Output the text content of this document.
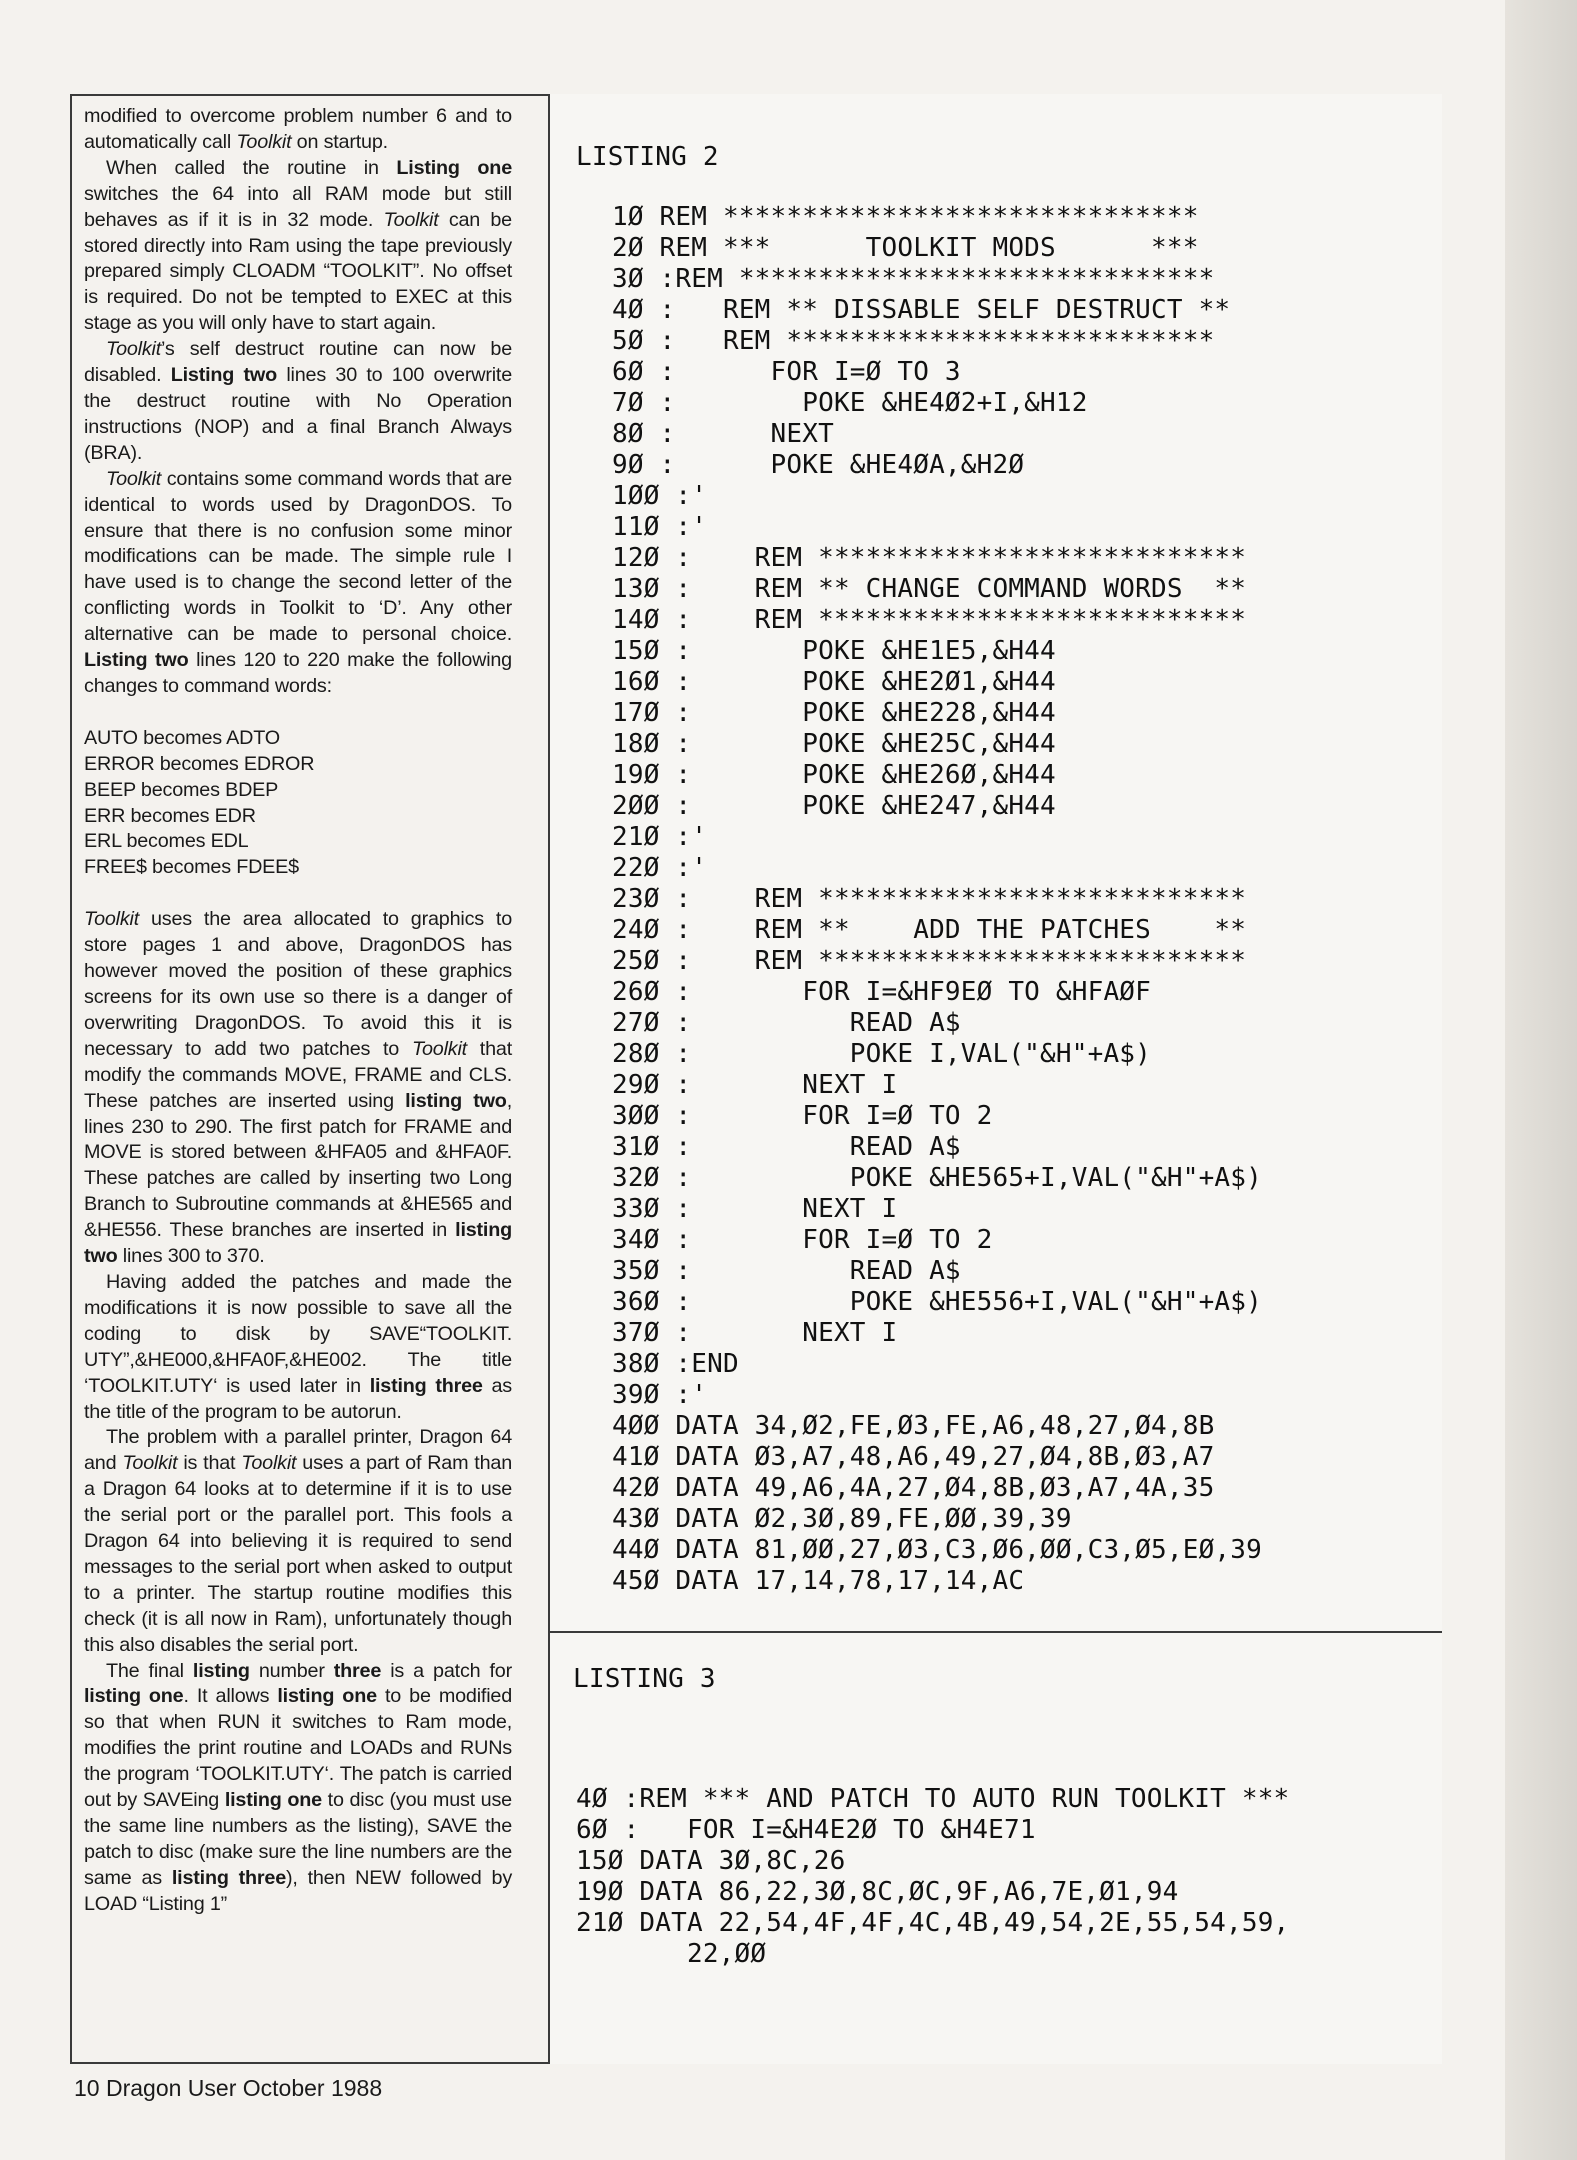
modified to overcome problem number 6 and to automatically call Toolkit on startup.

When called the routine in Listing one switches the 64 into all RAM mode but still behaves as if it is in 32 mode. Toolkit can be stored directly into Ram using the tape previously prepared simply CLOADM “TOOLKIT”. No offset is required. Do not be tempted to EXEC at this stage as you will only have to start again.

Toolkit’s self destruct routine can now be disabled. Listing two lines 30 to 100 overwrite the destruct routine with No Operation instructions (NOP) and a final Branch Always (BRA).

Toolkit contains some command words that are identical to words used by DragonDOS. To ensure that there is no confusion some minor modifications can be made. The simple rule I have used is to change the second letter of the conflicting words in Toolkit to ‘D’. Any other alternative can be made to personal choice. Listing two lines 120 to 220 make the following changes to command words:

AUTO becomes ADTO
ERROR becomes EDROR
BEEP becomes BDEP
ERR becomes EDR
ERL becomes EDL
FREE$ becomes FDEE$

Toolkit uses the area allocated to graphics to store pages 1 and above, DragonDOS has however moved the position of these graphics screens for its own use so there is a danger of overwriting DragonDOS. To avoid this it is necessary to add two patches to Toolkit that modify the commands MOVE, FRAME and CLS. These patches are inserted using listing two, lines 230 to 290. The first patch for FRAME and MOVE is stored between &HFA05 and &HFA0F. These patches are called by inserting two Long Branch to Subroutine commands at &HE565 and &HE556. These branches are inserted in listing two lines 300 to 370.

Having added the patches and made the modifications it is now possible to save all the coding to disk by SAVE“TOOLKIT. UTY”,&HE000,&HFA0F,&HE002. The title ‘TOOLKIT.UTY‘ is used later in listing three as the title of the program to be autorun.

The problem with a parallel printer, Dragon 64 and Toolkit is that Toolkit uses a part of Ram than a Dragon 64 looks at to determine if it is to use the serial port or the parallel port. This fools a Dragon 64 into believing it is required to send messages to the serial port when asked to output to a printer. The startup routine modifies this check (it is all now in Ram), unfortunately though this also disables the serial port.

The final listing number three is a patch for listing one. It allows listing one to be modified so that when RUN it switches to Ram mode, modifies the print routine and LOADs and RUNs the program ‘TOOLKIT.UTY‘. The patch is carried out by SAVEing listing one to disc (you must use the same line numbers as the listing), SAVE the patch to disc (make sure the line numbers are the same as listing three), then NEW followed by LOAD “Listing 1”

LISTING 2
1Ø REM ******************************
2Ø REM ***      TOOLKIT MODS      ***
3Ø :REM ******************************
4Ø :   REM ** DISSABLE SELF DESTRUCT **
5Ø :   REM ***************************
6Ø :      FOR I=Ø TO 3
7Ø :        POKE &HE4Ø2+I,&H12
8Ø :      NEXT
9Ø :      POKE &HE4ØA,&H2Ø
1ØØ :'
11Ø :'
12Ø :    REM ***************************
13Ø :    REM ** CHANGE COMMAND WORDS  **
14Ø :    REM ***************************
15Ø :       POKE &HE1E5,&H44
16Ø :       POKE &HE2Ø1,&H44
17Ø :       POKE &HE228,&H44
18Ø :       POKE &HE25C,&H44
19Ø :       POKE &HE26Ø,&H44
2ØØ :       POKE &HE247,&H44
21Ø :'
22Ø :'
23Ø :    REM ***************************
24Ø :    REM **    ADD THE PATCHES    **
25Ø :    REM ***************************
26Ø :       FOR I=&HF9EØ TO &HFAØF
27Ø :          READ A$
28Ø :          POKE I,VAL("&H"+A$)
29Ø :       NEXT I
3ØØ :       FOR I=Ø TO 2
31Ø :          READ A$
32Ø :          POKE &HE565+I,VAL("&H"+A$)
33Ø :       NEXT I
34Ø :       FOR I=Ø TO 2
35Ø :          READ A$
36Ø :          POKE &HE556+I,VAL("&H"+A$)
37Ø :       NEXT I
38Ø :END
39Ø :'
4ØØ DATA 34,Ø2,FE,Ø3,FE,A6,48,27,Ø4,8B
41Ø DATA Ø3,A7,48,A6,49,27,Ø4,8B,Ø3,A7
42Ø DATA 49,A6,4A,27,Ø4,8B,Ø3,A7,4A,35
43Ø DATA Ø2,3Ø,89,FE,ØØ,39,39
44Ø DATA 81,ØØ,27,Ø3,C3,Ø6,ØØ,C3,Ø5,EØ,39
45Ø DATA 17,14,78,17,14,AC
LISTING 3
4Ø :REM *** AND PATCH TO AUTO RUN TOOLKIT ***
6Ø :   FOR I=&H4E2Ø TO &H4E71
15Ø DATA 3Ø,8C,26
19Ø DATA 86,22,3Ø,8C,ØC,9F,A6,7E,Ø1,94
21Ø DATA 22,54,4F,4F,4C,4B,49,54,2E,55,54,59,
22,ØØ
10 Dragon User October 1988
